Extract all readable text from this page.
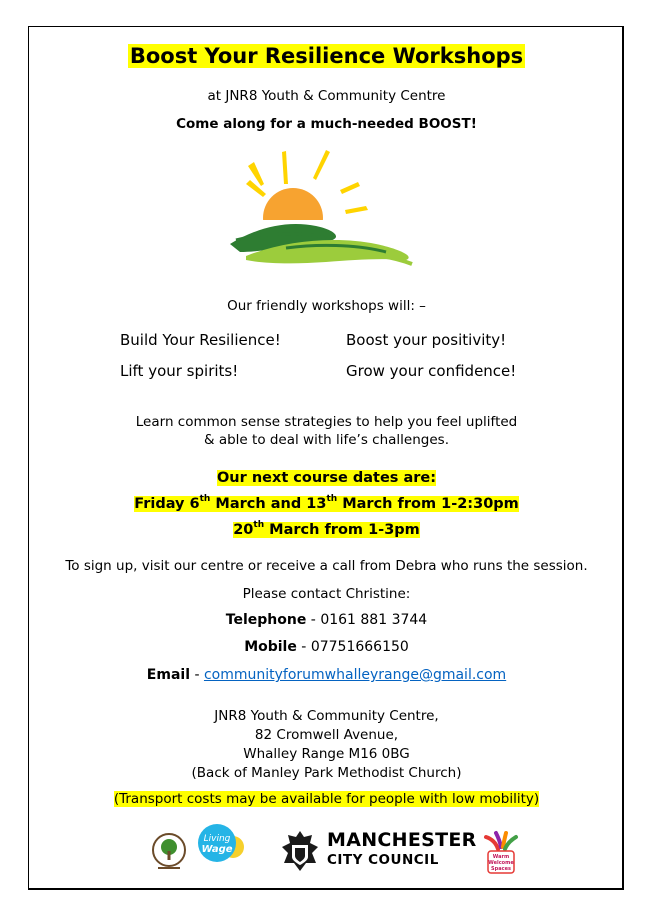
Boost Your Resilience Workshops
at JNR8 Youth & Community Centre
Come along for a much-needed BOOST!
Our friendly workshops will: –
Build Your Resilience!	Boost your positivity!
Lift your spirits!	Grow your confidence!
Learn common sense strategies to help you feel uplifted
& able to deal with life’s challenges.
Our next course dates are:
Friday 6th March and 13th March from 1-2:30pm
20th March from 1-3pm
To sign up, visit our centre or receive a call from Debra who runs the session.
Please contact Christine:
Telephone - 0161 881 3744
Mobile - 07751666150
Email - communityforumwhalleyrange@gmail.com
JNR8 Youth & Community Centre,
82 Cromwell Avenue,
Whalley Range M16 0BG
(Back of Manley Park Methodist Church)
(Transport costs may be available for people with low mobility)
Living
Wage	MANCHESTER
CITY COUNCIL	Warm
Welcome
Spaces
